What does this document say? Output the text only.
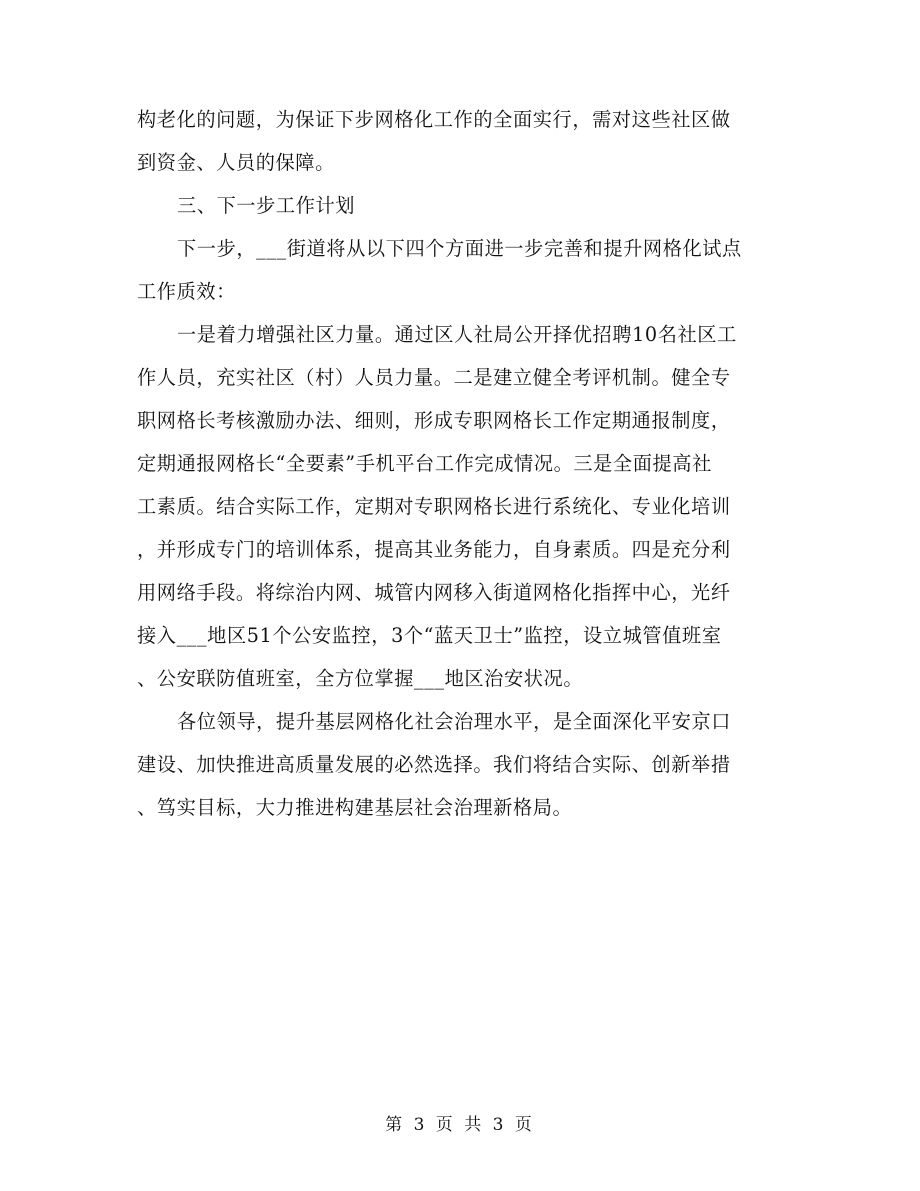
构老化的问题，为保证下步网格化工作的全面实行，需对这些社区做
到资金、人员的保障。
三、下一步工作计划
下一步，___街道将从以下四个方面进一步完善和提升网格化试点
工作质效：
一是着力增强社区力量。通过区人社局公开择优招聘10名社区工
作人员，充实社区（村）人员力量。二是建立健全考评机制。健全专
职网格长考核激励办法、细则，形成专职网格长工作定期通报制度，
定期通报网格长“全要素”手机平台工作完成情况。三是全面提高社
工素质。结合实际工作，定期对专职网格长进行系统化、专业化培训
，并形成专门的培训体系，提高其业务能力，自身素质。四是充分利
用网络手段。将综治内网、城管内网移入街道网格化指挥中心，光纤
接入___地区51个公安监控，3个“蓝天卫士”监控，设立城管值班室
、公安联防值班室，全方位掌握___地区治安状况。
各位领导，提升基层网格化社会治理水平，是全面深化平安京口
建设、加快推进高质量发展的必然选择。我们将结合实际、创新举措
、笃实目标，大力推进构建基层社会治理新格局。
第 3 页 共 3 页
